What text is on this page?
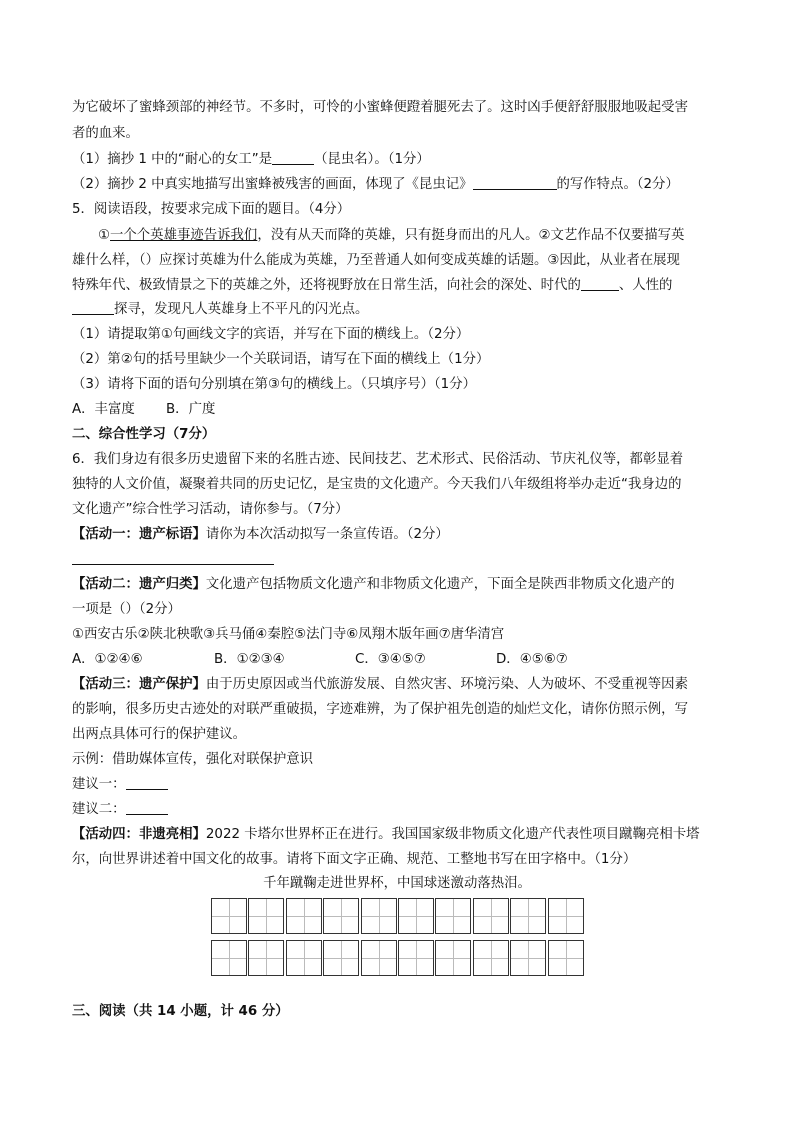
为它破坏了蜜蜂颈部的神经节。不多时，可怜的小蜜蜂便蹬着腿死去了。这时凶手便舒舒服服地吸起受害
者的血来。
（1）摘抄 1 中的“耐心的女工”是	（昆虫名）。（1分）
（2）摘抄 2 中真实地描写出蜜蜂被残害的画面，体现了《昆虫记》	的写作特点。（2分）
5．阅读语段，按要求完成下面的题目。（4分）
①一个个英雄事迹告诉我们，没有从天而降的英雄，只有挺身而出的凡人。②文艺作品不仅要描写英
雄什么样，（）应探讨英雄为什么能成为英雄，乃至普通人如何变成英雄的话题。③因此，从业者在展现
特殊年代、极致情景之下的英雄之外，还将视野放在日常生活，向社会的深处、时代的	、人性的
探寻，发现凡人英雄身上不平凡的闪光点。
（1）请提取第①句画线文字的宾语，并写在下面的横线上。（2分）
（2）第②句的括号里缺少一个关联词语，请写在下面的横线上（1分）
（3）请将下面的语句分别填在第③句的横线上。（只填序号）（1分）
A．丰富度 B．广度
二、综合性学习（7分）
6．我们身边有很多历史遗留下来的名胜古迹、民间技艺、艺术形式、民俗活动、节庆礼仪等，都彰显着
独特的人文价值，凝聚着共同的历史记忆，是宝贵的文化遗产。今天我们八年级组将举办走近“我身边的
文化遗产”综合性学习活动，请你参与。（7分）
【活动一：遗产标语】请你为本次活动拟写一条宣传语。（2分）
【活动二：遗产归类】文化遗产包括物质文化遗产和非物质文化遗产，下面全是陕西非物质文化遗产的
一项是（）（2分）
①西安古乐②陕北秧歌③兵马俑④秦腔⑤法门寺⑥凤翔木版年画⑦唐华清宫
A．①②④⑥	B．①②③④	C．③④⑤⑦	D．④⑤⑥⑦
【活动三：遗产保护】由于历史原因或当代旅游发展、自然灾害、环境污染、人为破坏、不受重视等因素
的影响，很多历史古迹处的对联严重破损，字迹难辨，为了保护祖先创造的灿烂文化，请你仿照示例，写
出两点具体可行的保护建议。
示例：借助媒体宣传，强化对联保护意识
建议一：
建议二：
【活动四：非遗亮相】2022 卡塔尔世界杯正在进行。我国国家级非物质文化遗产代表性项目蹴鞠亮相卡塔
尔，向世界讲述着中国文化的故事。请将下面文字正确、规范、工整地书写在田字格中。（1分）
千年蹴鞠走进世界杯，中国球迷激动落热泪。
三、阅读（共 14 小题，计 46 分）
